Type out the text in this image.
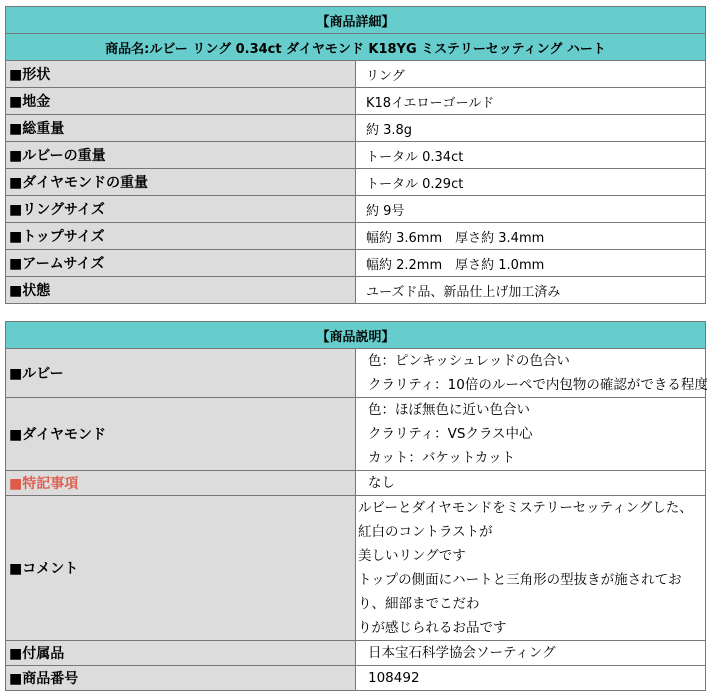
【商品詳細】	
商品名:ルビー リング 0.34ct ダイヤモンド K18YG ミステリーセッティング ハート	
■形状	リング
■地金	K18イエローゴールド
■総重量	約 3.8g
■ルビーの重量	トータル 0.34ct
■ダイヤモンドの重量	トータル 0.29ct
■リングサイズ	約 9号
■トップサイズ	幅約 3.6mm　厚さ約 3.4mm
■アームサイズ	幅約 2.2mm　厚さ約 1.0mm
■状態	ユーズド品、新品仕上げ加工済み
【商品説明】	
■ルビー	色：ピンキッシュレッドの色合い
クラリティ：10倍のルーペで内包物の確認ができる程度

■ダイヤモンド	色：ほぼ無色に近い色合い
クラリティ：VSクラス中心
カット：バケットカット

■特記事項	なし

■コメント	ルビーとダイヤモンドをミステリーセッティングした、紅白のコントラストが
美しいリングです
トップの側面にハートと三角形の型抜きが施されており、細部までこだわ
りが感じられるお品です

■付属品	日本宝石科学協会ソーティング

■商品番号	108492
